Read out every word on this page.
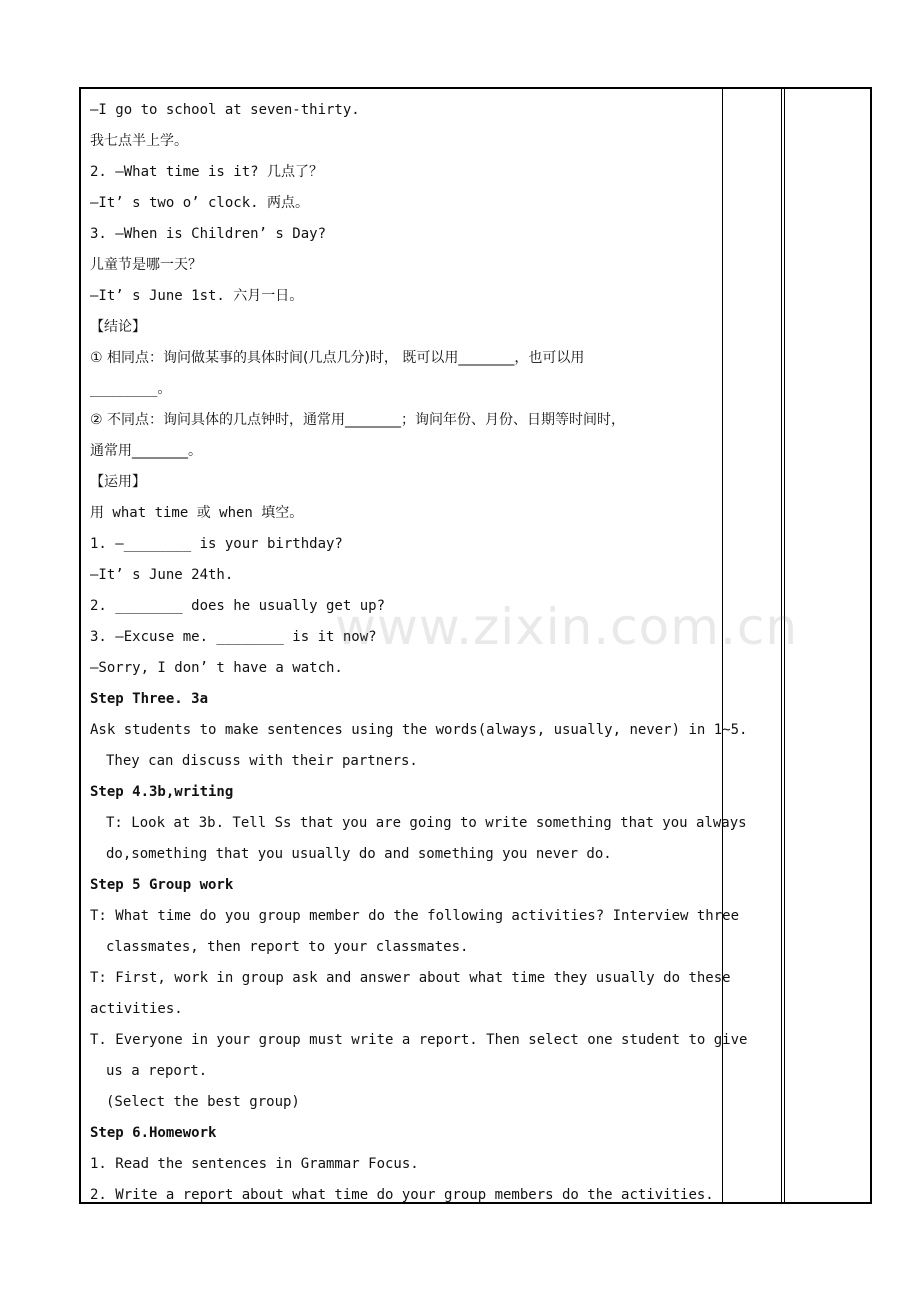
—I go to school at seven-thirty.
我七点半上学。
2. —What time is it? 几点了？
—It’ s two o’ clock. 两点。
3. —When is Children’ s Day?
儿童节是哪一天？
—It’ s June 1st. 六月一日。
【结论】
① 相同点：询问做某事的具体时间(几点几分)时， 既可以用________，也可以用
________。
② 不同点：询问具体的几点钟时，通常用________；询问年份、月份、日期等时间时，
通常用________。
【运用】
用 what time 或 when 填空。
1. —________ is your birthday?
—It’ s June 24th.
2. ________ does he usually get up?
3. —Excuse me. ________ is it now?
—Sorry, I don’ t have a watch.
Step Three. 3a
Ask students to make sentences using the words(always, usually, never) in 1~5.
They can discuss with their partners.
Step 4.3b,writing
T: Look at 3b. Tell Ss that you are going to write something that you always
do,something that you usually do and something you never do.
Step 5 Group work
T: What time do you group member do the following activities? Interview three
classmates, then report to your classmates.
T: First, work in group ask and answer about what time they usually do these
activities.
T. Everyone in your group must write a report. Then select one student to give
us a report.
(Select the best group)
Step 6.Homework
1. Read the sentences in Grammar Focus.
2. Write a report about what time do your group members do the activities.
www.zixin.com.cn
